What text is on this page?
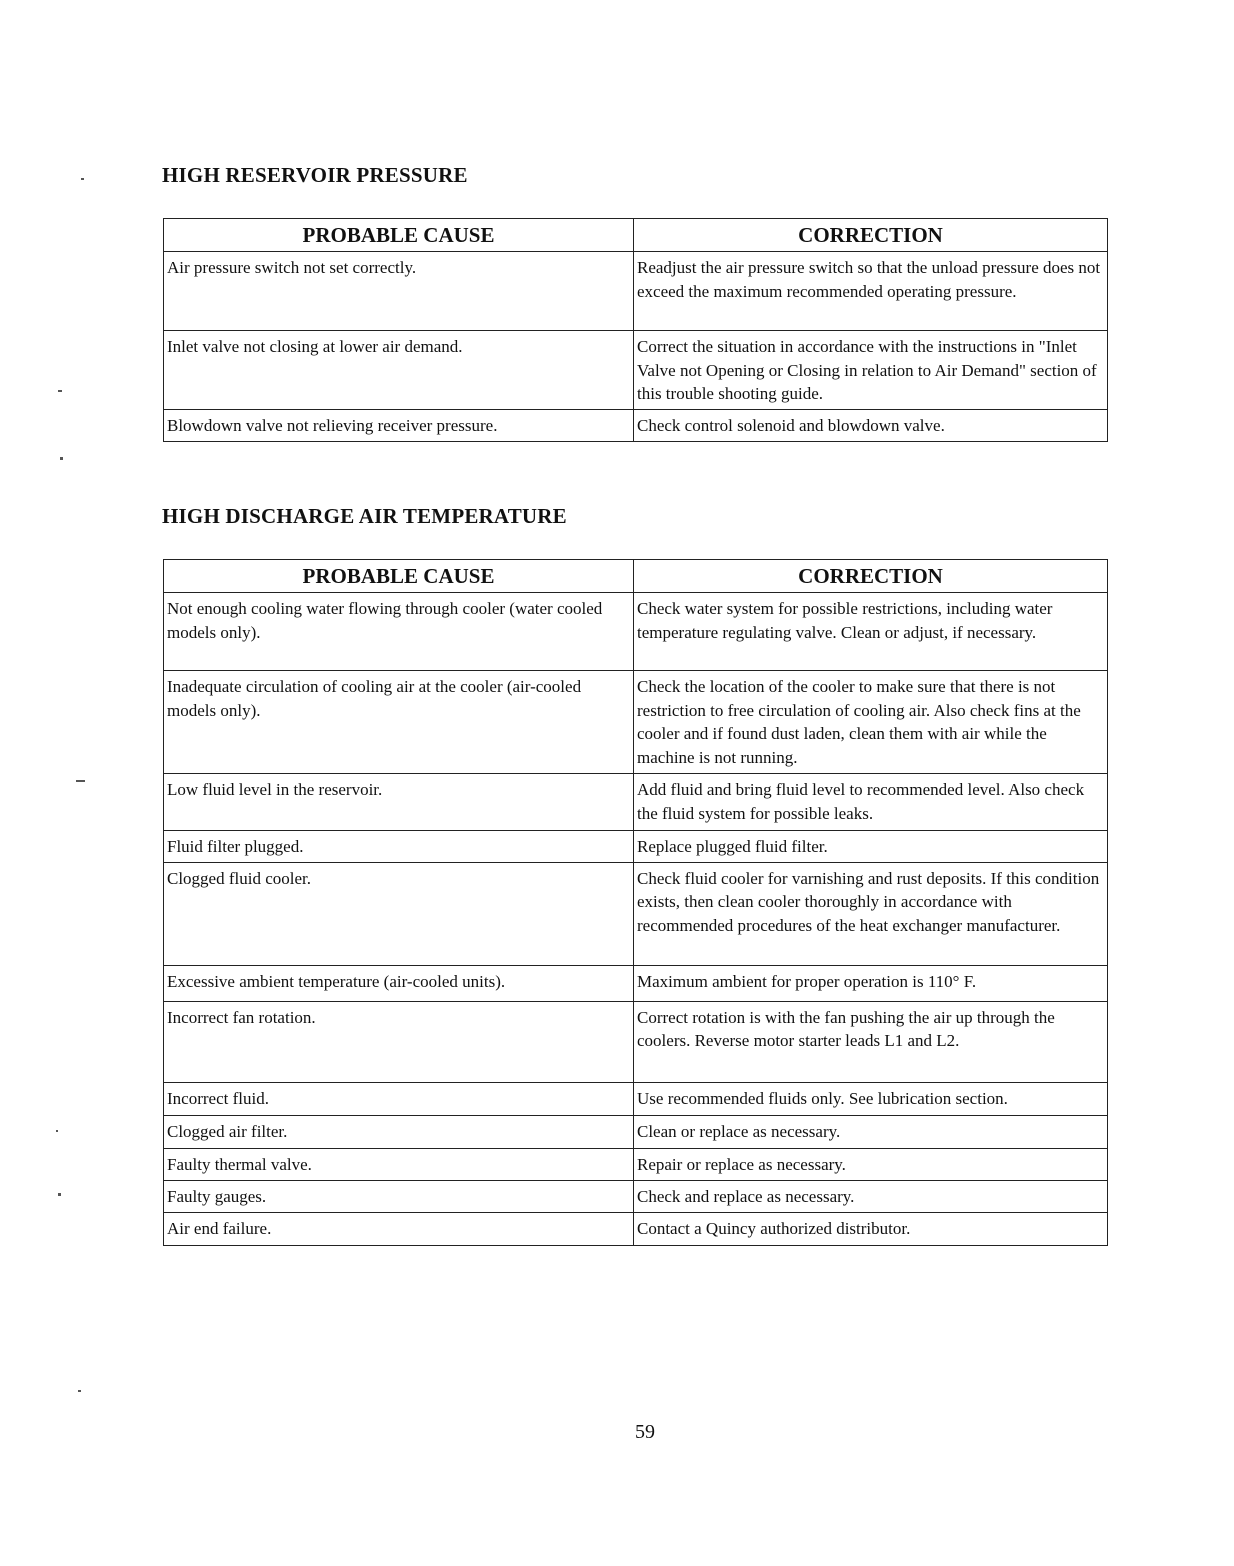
HIGH RESERVOIR PRESSURE
PROBABLE CAUSE	CORRECTION
Air pressure switch not set correctly.	Readjust the air pressure switch so that the unload pressure does not exceed the maximum recommended operating pressure.
Inlet valve not closing at lower air demand.	Correct the situation in accordance with the instructions in "Inlet Valve not Opening or Closing in relation to Air Demand" section of this trouble shooting guide.
Blowdown valve not relieving receiver pressure.	Check control solenoid and blowdown valve.
HIGH DISCHARGE AIR TEMPERATURE
PROBABLE CAUSE	CORRECTION
Not enough cooling water flowing through cooler (water cooled models only).	Check water system for possible restrictions, including water temperature regulating valve. Clean or adjust, if necessary.
Inadequate circulation of cooling air at the cooler (air-cooled models only).	Check the location of the cooler to make sure that there is not restriction to free circulation of cooling air. Also check fins at the cooler and if found dust laden, clean them with air while the machine is not running.
Low fluid level in the reservoir.	Add fluid and bring fluid level to recommended level. Also check the fluid system for possible leaks.
Fluid filter plugged.	Replace plugged fluid filter.
Clogged fluid cooler.	Check fluid cooler for varnishing and rust deposits. If this condition exists, then clean cooler thoroughly in accordance with recommended procedures of the heat exchanger manufacturer.
Excessive ambient temperature (air-cooled units).	Maximum ambient for proper operation is 110° F.
Incorrect fan rotation.	Correct rotation is with the fan pushing the air up through the coolers. Reverse motor starter leads L1 and L2.
Incorrect fluid.	Use recommended fluids only. See lubrication section.
Clogged air filter.	Clean or replace as necessary.
Faulty thermal valve.	Repair or replace as necessary.
Faulty gauges.	Check and replace as necessary.
Air end failure.	Contact a Quincy authorized distributor.
59
